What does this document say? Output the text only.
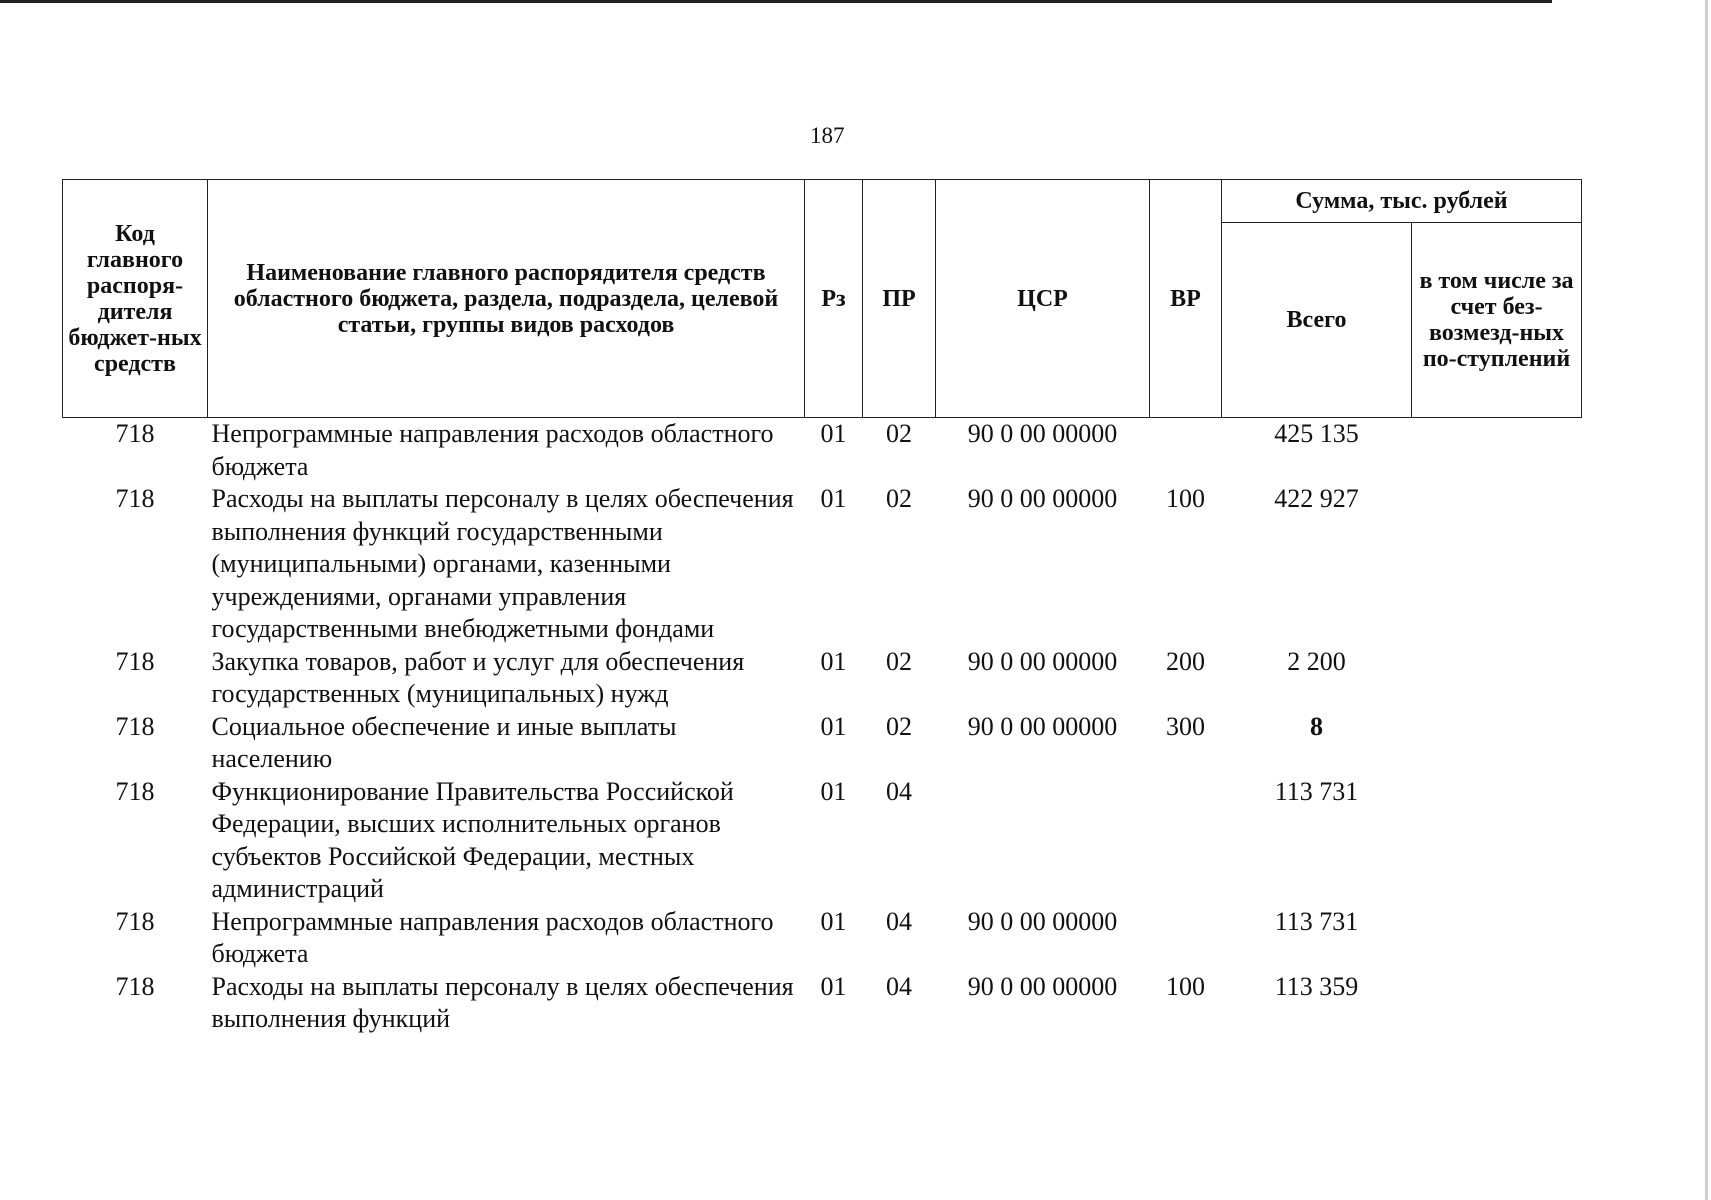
187
Код главного распоря-дителя бюджет-ных средств	Наименование главного распорядителя средств областного бюджета, раздела, подраздела, целевой статьи, группы видов расходов	Рз	ПР	ЦСР	ВР	Сумма, тыс. рублей	
						Всего	в том числе за счет без-возмезд-ных по-ступлений
718	Непрограммные направления расходов областного бюджета	01	02	90 0 00 00000		425 135	
718	Расходы на выплаты персоналу в целях обеспечения выполнения функций государственными (муниципальными) органами, казенными учреждениями, органами управления государственными внебюджетными фондами	01	02	90 0 00 00000	100	422 927	
718	Закупка товаров, работ и услуг для обеспечения государственных (муниципальных) нужд	01	02	90 0 00 00000	200	2 200	
718	Социальное обеспечение и иные выплаты населению	01	02	90 0 00 00000	300	8	
718	Функционирование Правительства Российской Федерации, высших исполнительных органов субъектов Российской Федерации, местных администраций	01	04			113 731	
718	Непрограммные направления расходов областного бюджета	01	04	90 0 00 00000		113 731	
718	Расходы на выплаты персоналу в целях обеспечения выполнения функций	01	04	90 0 00 00000	100	113 359	
